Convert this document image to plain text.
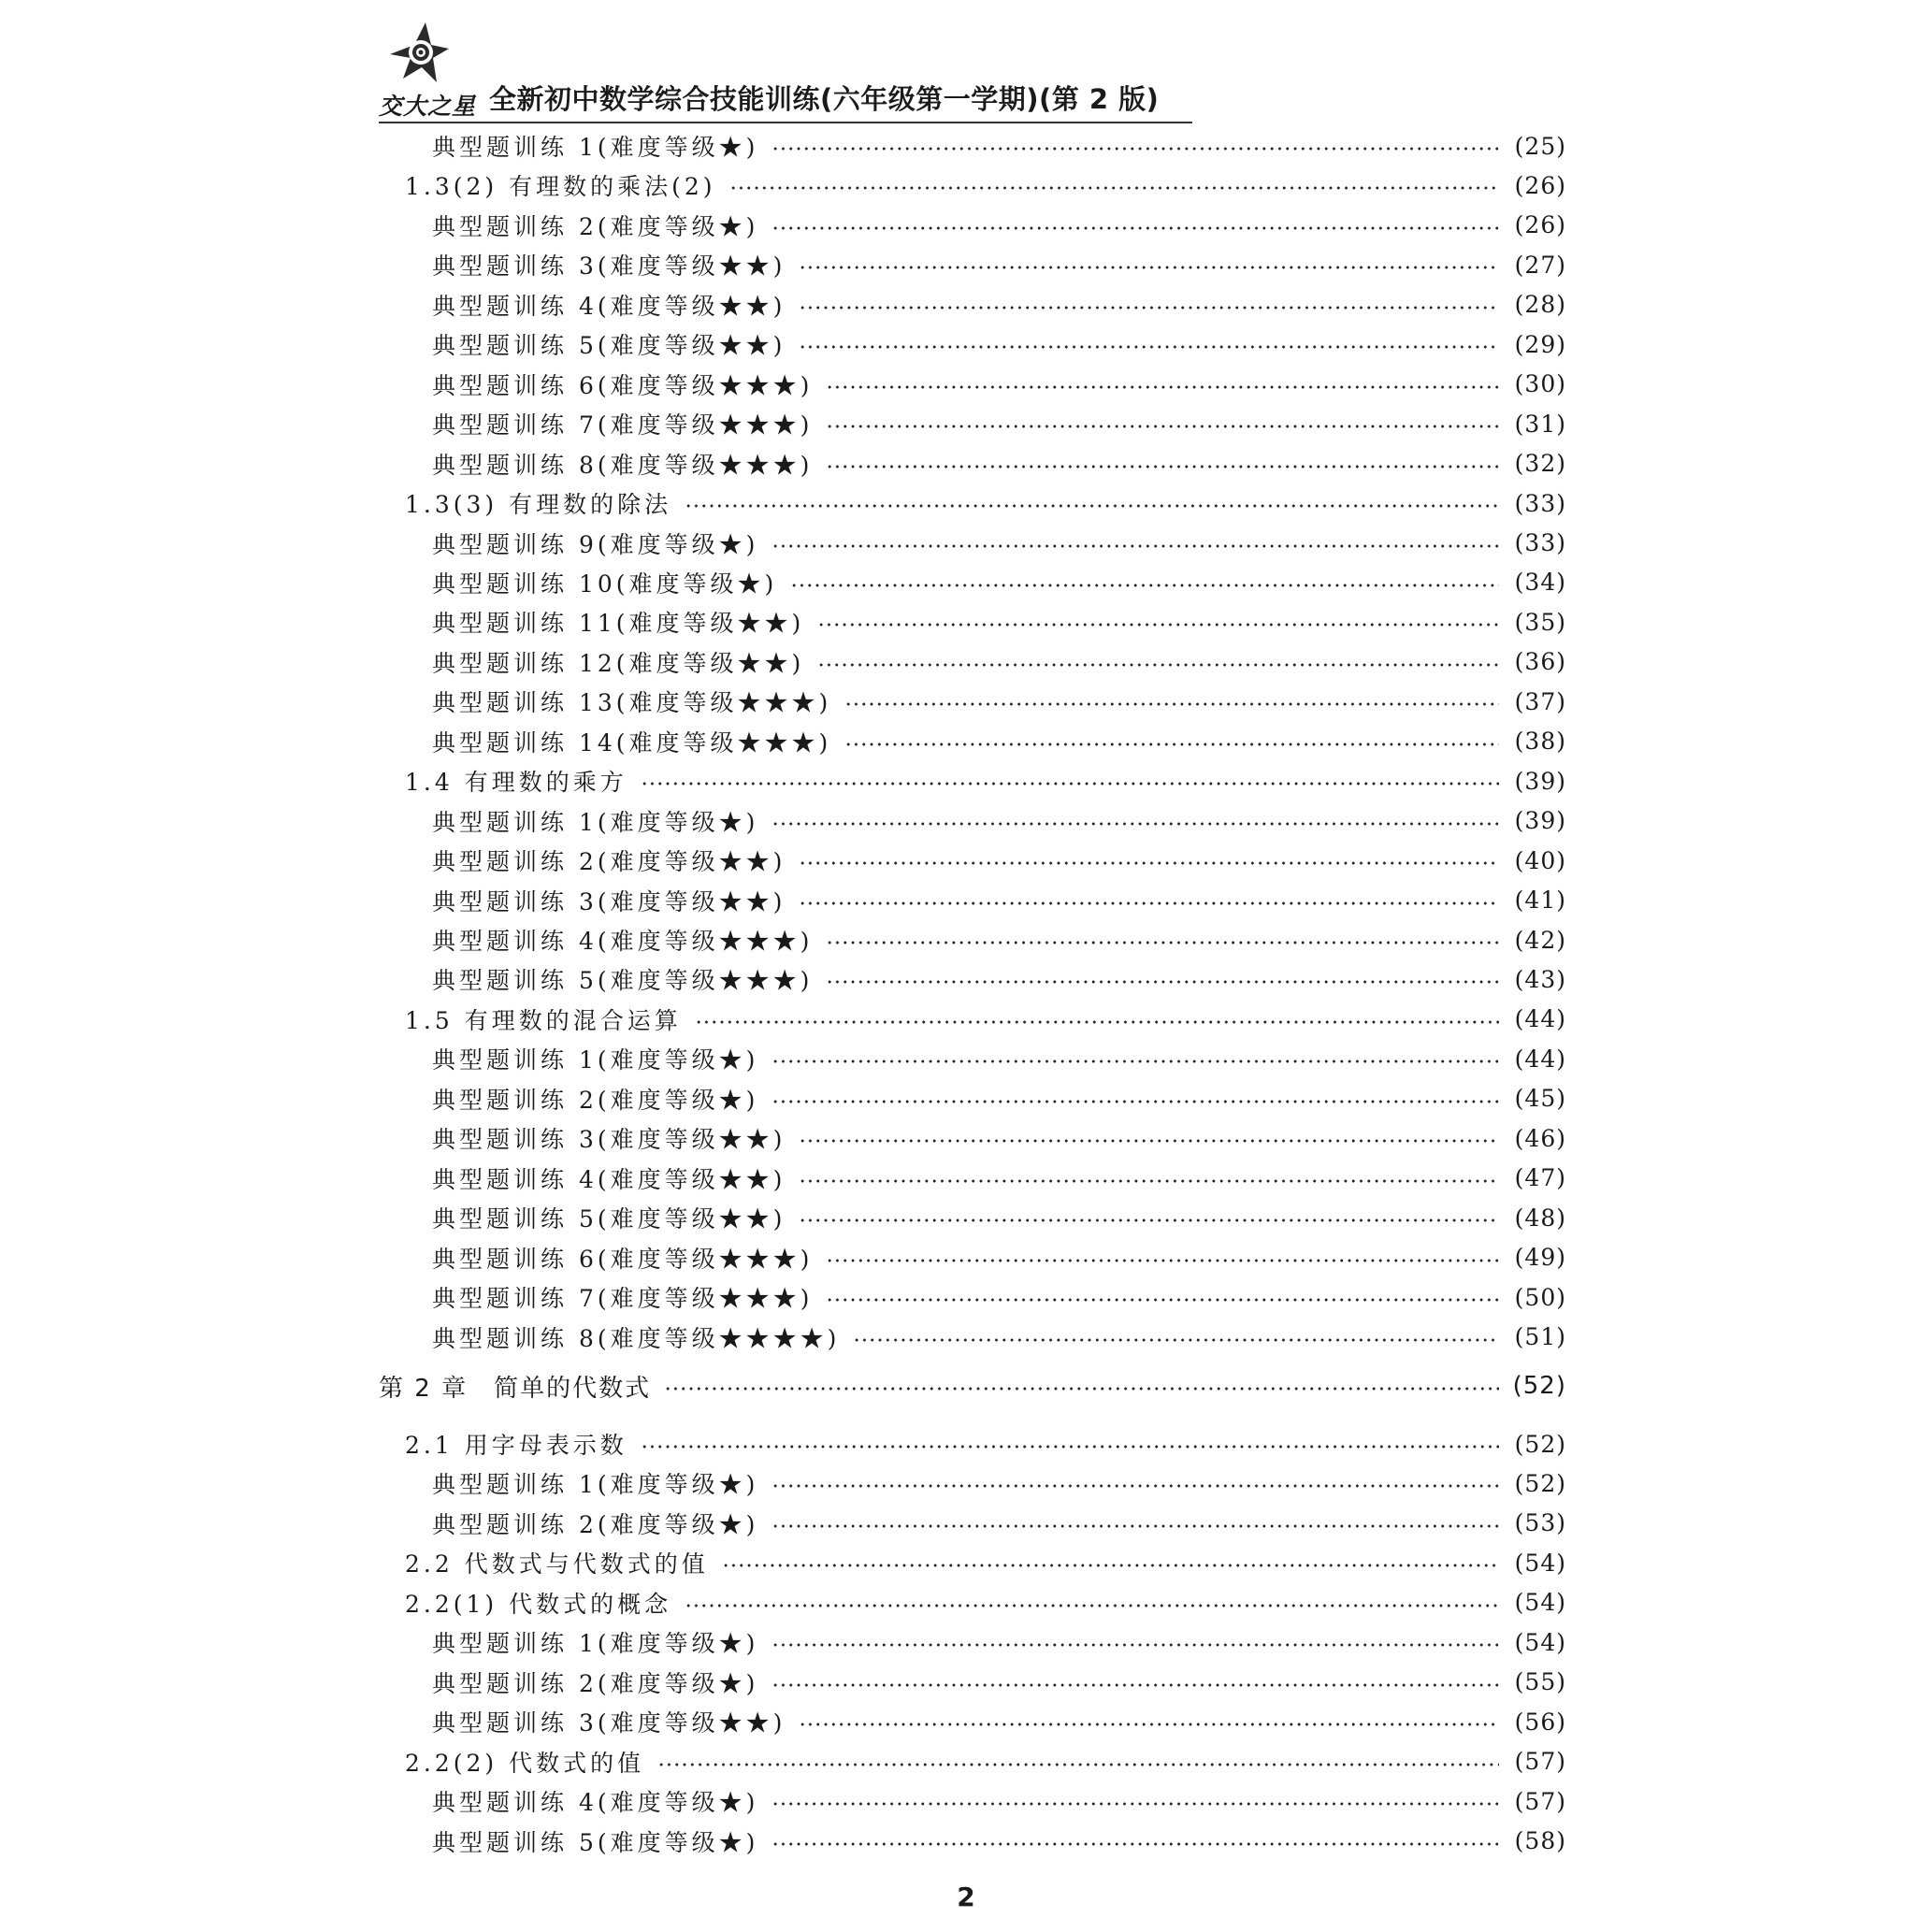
交大之星 全新初中数学综合技能训练(六年级第一学期)(第 2 版)
典型题训练 1(难度等级★)	(25)
1.3(2) 有理数的乘法(2)	(26)
典型题训练 2(难度等级★)	(26)
典型题训练 3(难度等级★★)	(27)
典型题训练 4(难度等级★★)	(28)
典型题训练 5(难度等级★★)	(29)
典型题训练 6(难度等级★★★)	(30)
典型题训练 7(难度等级★★★)	(31)
典型题训练 8(难度等级★★★)	(32)
1.3(3) 有理数的除法	(33)
典型题训练 9(难度等级★)	(33)
典型题训练 10(难度等级★)	(34)
典型题训练 11(难度等级★★)	(35)
典型题训练 12(难度等级★★)	(36)
典型题训练 13(难度等级★★★)	(37)
典型题训练 14(难度等级★★★)	(38)
1.4 有理数的乘方	(39)
典型题训练 1(难度等级★)	(39)
典型题训练 2(难度等级★★)	(40)
典型题训练 3(难度等级★★)	(41)
典型题训练 4(难度等级★★★)	(42)
典型题训练 5(难度等级★★★)	(43)
1.5 有理数的混合运算	(44)
典型题训练 1(难度等级★)	(44)
典型题训练 2(难度等级★)	(45)
典型题训练 3(难度等级★★)	(46)
典型题训练 4(难度等级★★)	(47)
典型题训练 5(难度等级★★)	(48)
典型题训练 6(难度等级★★★)	(49)
典型题训练 7(难度等级★★★)	(50)
典型题训练 8(难度等级★★★★)	(51)
第 2 章　简单的代数式	(52)
2.1 用字母表示数	(52)
典型题训练 1(难度等级★)	(52)
典型题训练 2(难度等级★)	(53)
2.2 代数式与代数式的值	(54)
2.2(1) 代数式的概念	(54)
典型题训练 1(难度等级★)	(54)
典型题训练 2(难度等级★)	(55)
典型题训练 3(难度等级★★)	(56)
2.2(2) 代数式的值	(57)
典型题训练 4(难度等级★)	(57)
典型题训练 5(难度等级★)	(58)
2
